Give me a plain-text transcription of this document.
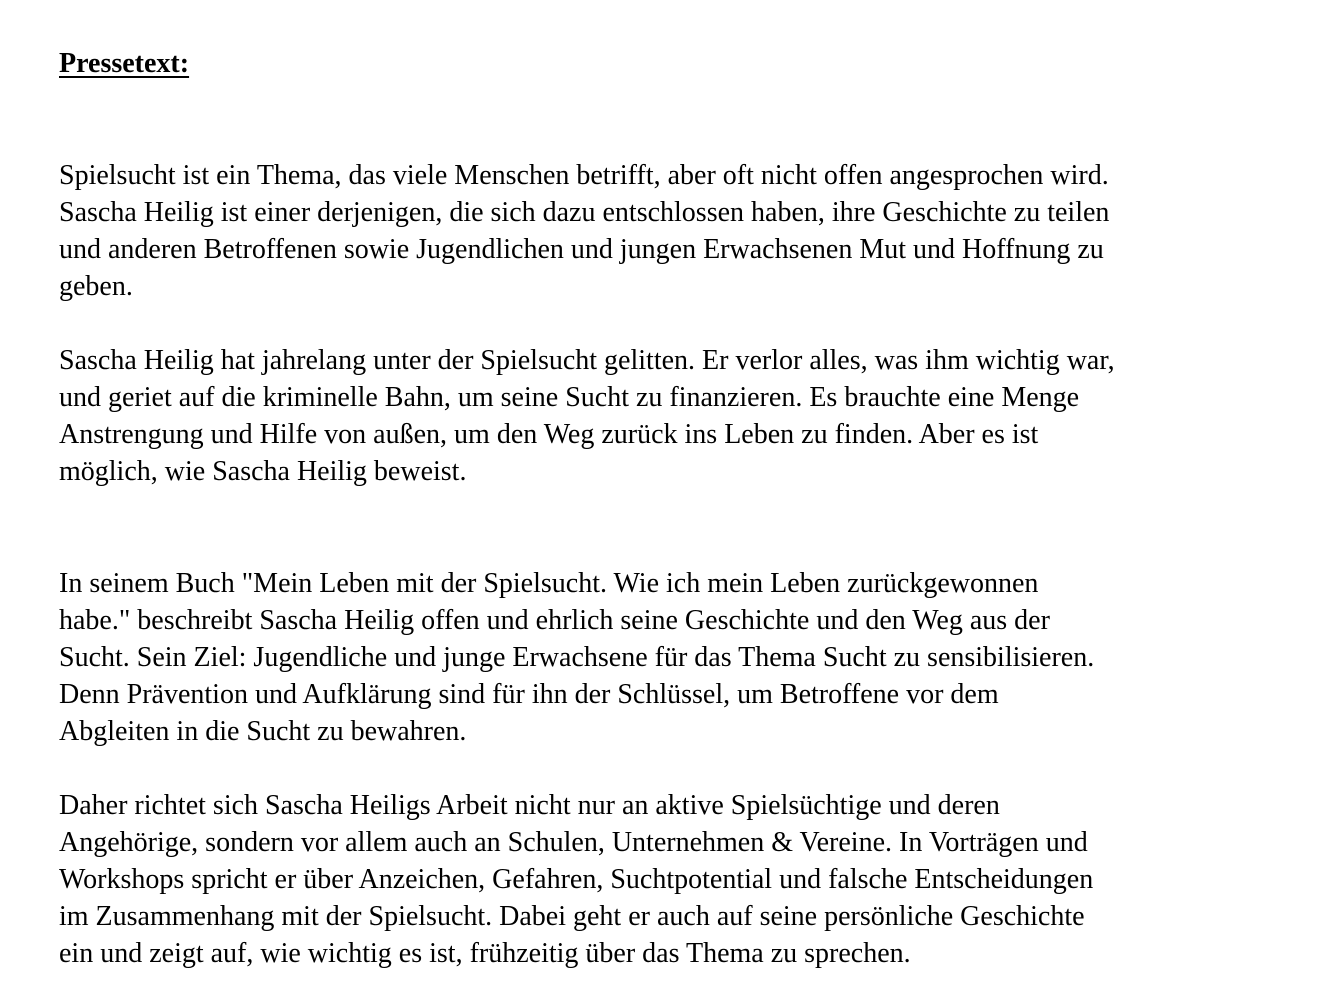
Pressetext:

Spielsucht ist ein Thema, das viele Menschen betrifft, aber oft nicht offen angesprochen wird.
Sascha Heilig ist einer derjenigen, die sich dazu entschlossen haben, ihre Geschichte zu teilen
und anderen Betroffenen sowie Jugendlichen und jungen Erwachsenen Mut und Hoffnung zu
geben.

Sascha Heilig hat jahrelang unter der Spielsucht gelitten. Er verlor alles, was ihm wichtig war,
und geriet auf die kriminelle Bahn, um seine Sucht zu finanzieren. Es brauchte eine Menge
Anstrengung und Hilfe von außen, um den Weg zurück ins Leben zu finden. Aber es ist
möglich, wie Sascha Heilig beweist.

In seinem Buch "Mein Leben mit der Spielsucht. Wie ich mein Leben zurückgewonnen
habe." beschreibt Sascha Heilig offen und ehrlich seine Geschichte und den Weg aus der
Sucht. Sein Ziel: Jugendliche und junge Erwachsene für das Thema Sucht zu sensibilisieren.
Denn Prävention und Aufklärung sind für ihn der Schlüssel, um Betroffene vor dem
Abgleiten in die Sucht zu bewahren.

Daher richtet sich Sascha Heiligs Arbeit nicht nur an aktive Spielsüchtige und deren
Angehörige, sondern vor allem auch an Schulen, Unternehmen & Vereine. In Vorträgen und
Workshops spricht er über Anzeichen, Gefahren, Suchtpotential und falsche Entscheidungen
im Zusammenhang mit der Spielsucht. Dabei geht er auch auf seine persönliche Geschichte
ein und zeigt auf, wie wichtig es ist, frühzeitig über das Thema zu sprechen.
